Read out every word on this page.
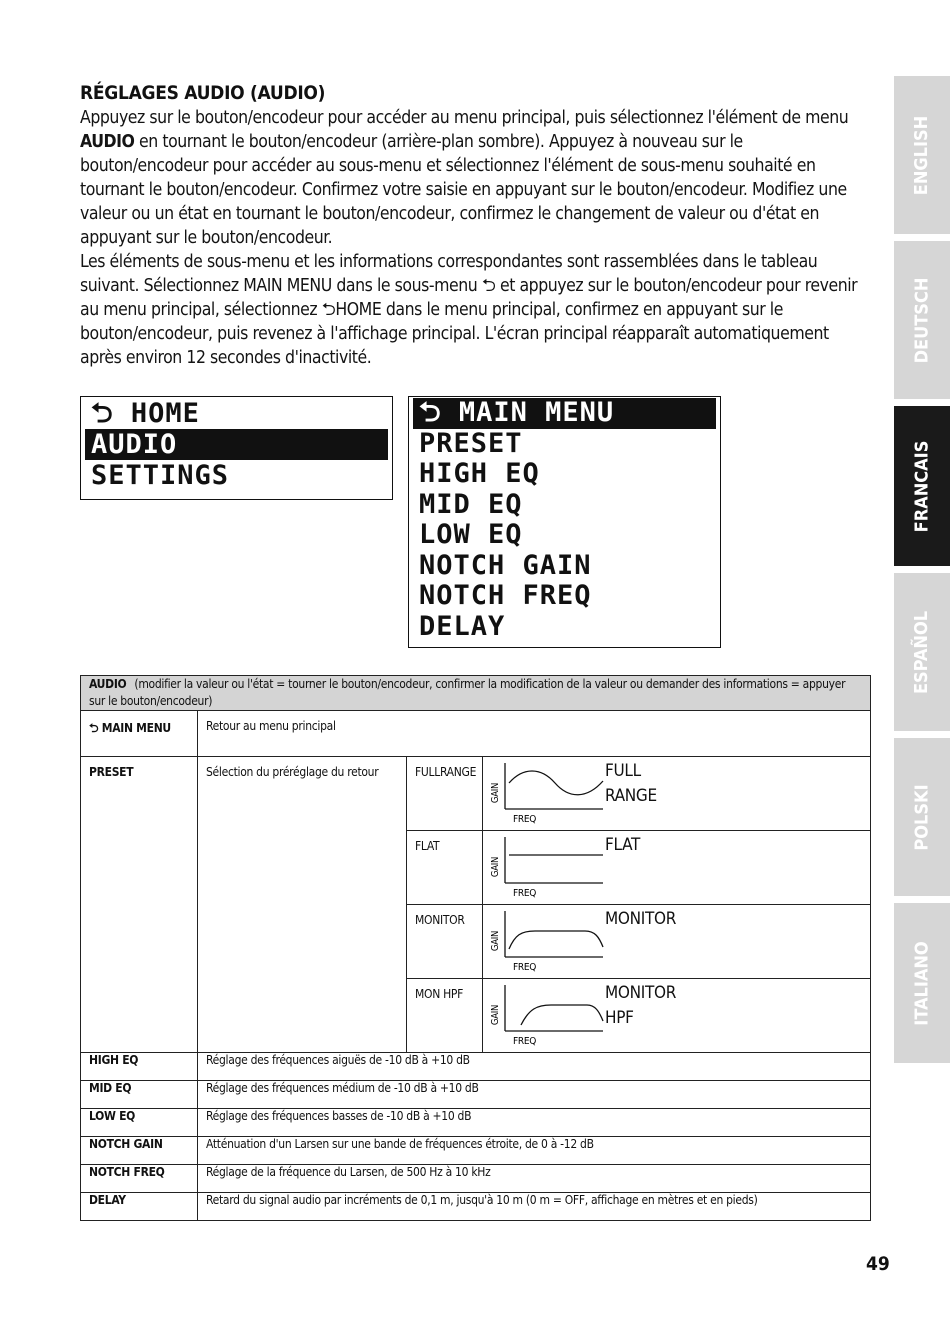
RÉGLAGES AUDIO (AUDIO)

Appuyez sur le bouton/encodeur pour accéder au menu principal, puis sélectionnez l'élément de menu AUDIO en tournant le bouton/encodeur (arrière-plan sombre). Appuyez à nouveau sur le bouton/encodeur pour accéder au sous-menu et sélectionnez l'élément de sous-menu souhaité en tournant le bouton/encodeur. Confirmez votre saisie en appuyant sur le bouton/encodeur. Modifiez une valeur ou un état en tournant le bouton/encodeur, confirmez le changement de valeur ou d'état en appuyant sur le bouton/encodeur.

Les éléments de sous-menu et les informations correspondantes sont rassemblées dans le tableau suivant. Sélectionnez MAIN MENU dans le sous-menu ⮌ et appuyez sur le bouton/encodeur pour revenir au menu principal, sélectionnez ⮌HOME dans le menu principal, confirmez en appuyant sur le bouton/encodeur, puis revenez à l'affichage principal. L'écran principal réapparaît automatiquement après environ 12 secondes d'inactivité.

⮌ HOME
AUDIO
SETTINGS
⮌ MAIN MENU
PRESET
HIGH EQ
MID EQ
LOW EQ
NOTCH GAIN
NOTCH FREQ
DELAY
AUDIO (modifier la valeur ou l'état = tourner le bouton/encodeur, confirmer la modification de la valeur ou demander des informations = appuyer sur le bouton/encodeur)			
⮌ MAIN MENU	Retour au menu principal		
PRESET	Sélection du préréglage du retour	FULLRANGE	GAIN
FREQ
FULL
RANGE

		FLAT	GAIN
FREQ
FLAT

		MONITOR	GAIN
FREQ
MONITOR

		MON HPF	GAIN
FREQ
MONITOR
HPF

HIGH EQ	Réglage des fréquences aiguës de -10 dB à +10 dB		
MID EQ	Réglage des fréquences médium de -10 dB à +10 dB		
LOW EQ	Réglage des fréquences basses de -10 dB à +10 dB		
NOTCH GAIN	Atténuation d'un Larsen sur une bande de fréquences étroite, de 0 à -12 dB		
NOTCH FREQ	Réglage de la fréquence du Larsen, de 500 Hz à 10 kHz		
DELAY	Retard du signal audio par incréments de 0,1 m, jusqu'à 10 m (0 m = OFF, affichage en mètres et en pieds)		
ENGLISH
DEUTSCH
FRANCAIS
ESPAÑOL
POLSKI
ITALIANO
49
